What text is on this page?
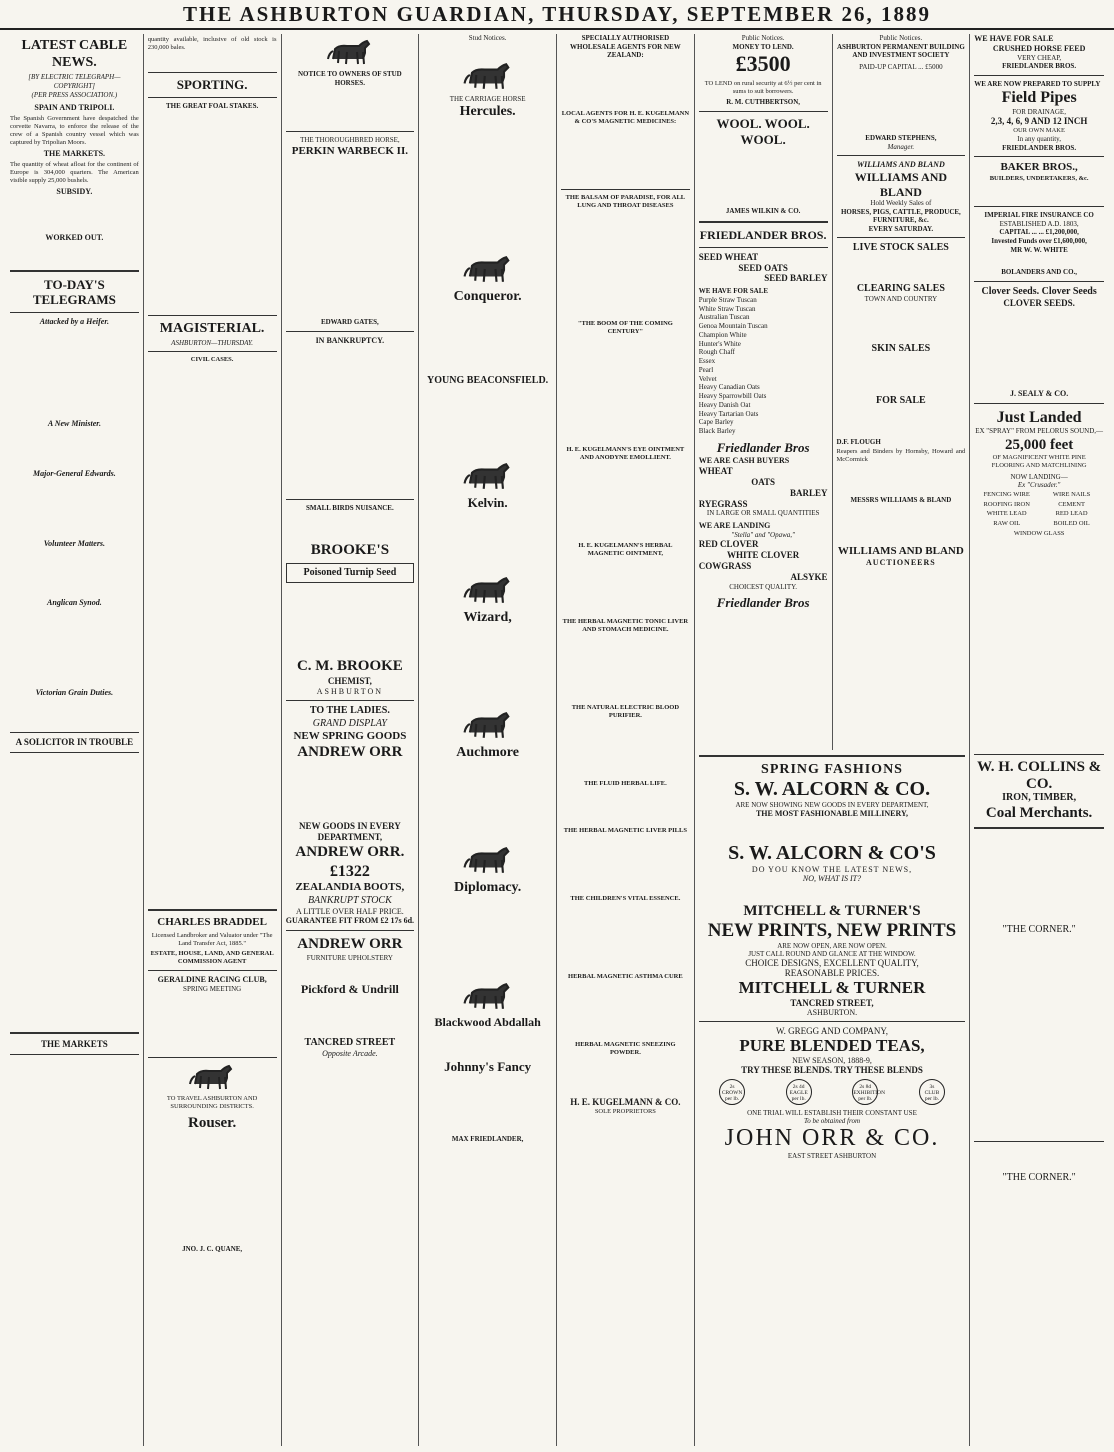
THE ASHBURTON GUARDIAN, THURSDAY, SEPTEMBER 26, 1889
LATEST CABLE NEWS.
[BY ELECTRIC TELEGRAPH—COPYRIGHT]
(PER PRESS ASSOCIATION.)
SPAIN AND TRIPOLI.
The Spanish Government have despatched the corvette Navarra, to enforce the release of the crew of a Spanish country vessel which was captured by Tripolian Moors.
THE MARKETS.
The quantity of wheat afloat for the continent of Europe is 304,000 quarters. The American visible supply 25,000 bushels.
SUBSIDY.
WORKED OUT.
TO-DAY'S TELEGRAMS
Attacked by a Heifer.
A New Minister.
Major-General Edwards.
Volunteer Matters.
Anglican Synod.
Victorian Grain Duties.
A SOLICITOR IN TROUBLE
THE MARKETS
quantity available, inclusive of old stock is 230,000 bales.
SPORTING.
THE GREAT FOAL STAKES.
MAGISTERIAL.
ASHBURTON—THURSDAY.
CIVIL CASES.
CHARLES BRADDEL
Licensed Landbroker and Valuator under "The Land Transfer Act, 1885."
ESTATE, HOUSE, LAND, AND GENERAL COMMISSION AGENT
GERALDINE RACING CLUB,
SPRING MEETING
TO TRAVEL ASHBURTON AND SURROUNDING DISTRICTS.
Rouser.
JNO. J. C. QUANE,
NOTICE TO OWNERS OF STUD HORSES.
THE THOROUGHBRED HORSE,
PERKIN WARBECK II.
EDWARD GATES,
IN BANKRUPTCY.
SMALL BIRDS NUISANCE.
BROOKE'S
Poisoned Turnip Seed
C. M. BROOKE
CHEMIST,
ASHBURTON
TO THE LADIES.
GRAND DISPLAY
NEW SPRING GOODS
ANDREW ORR
NEW GOODS IN EVERY DEPARTMENT,
ANDREW ORR.
£1322
ZEALANDIA BOOTS,
BANKRUPT STOCK
A LITTLE OVER HALF PRICE.
GUARANTEE FIT FROM £2 17s 6d.
ANDREW ORR
FURNITURE UPHOLSTERY
Pickford & Undrill
TANCRED STREET
Opposite Arcade.
Stud Notices.
THE CARRIAGE HORSE
Hercules.
Conqueror.
YOUNG BEACONSFIELD.
Kelvin.
Wizard,
Auchmore
Diplomacy.
Blackwood Abdallah
Johnny's Fancy
MAX FRIEDLANDER,
SPECIALLY AUTHORISED WHOLESALE AGENTS FOR NEW ZEALAND:
LOCAL AGENTS FOR H. E. KUGELMANN & CO'S MAGNETIC MEDICINES:
THE BALSAM OF PARADISE, FOR ALL LUNG AND THROAT DISEASES
"THE BOOM OF THE COMING CENTURY"
H. E. KUGELMANN'S EYE OINTMENT AND ANODYNE EMOLLIENT.
H. E. KUGELMANN'S HERBAL MAGNETIC OINTMENT,
THE HERBAL MAGNETIC TONIC LIVER AND STOMACH MEDICINE.
THE NATURAL ELECTRIC BLOOD PURIFIER.
THE FLUID HERBAL LIFE.
THE HERBAL MAGNETIC LIVER PILLS
THE CHILDREN'S VITAL ESSENCE.
HERBAL MAGNETIC ASTHMA CURE
HERBAL MAGNETIC SNEEZING POWDER.
H. E. KUGELMANN & CO.
SOLE PROPRIETORS
Public Notices.
MONEY TO LEND.
£3500
TO LEND on rural security at 6½ per cent in sums to suit borrowers.
R. M. CUTHBERTSON,
WOOL. WOOL. WOOL.
JAMES WILKIN & CO.
FRIEDLANDER BROS.
SEED WHEAT
SEED OATS
SEED BARLEY
WE HAVE FOR SALE
Purple Straw Tuscan
White Straw Tuscan
Australian Tuscan
Genoa Mountain Tuscan
Champion White
Hunter's White
Rough Chaff
Essex
Pearl
Velvet
Heavy Canadian Oats
Heavy Sparrowbill Oats
Heavy Danish Oat
Heavy Tartarian Oats
Cape Barley
Black Barley
Friedlander Bros
WE ARE CASH BUYERS
WHEAT
OATS
BARLEY
RYEGRASS
IN LARGE OR SMALL QUANTITIES
WE ARE LANDING
"Stella" and "Opawa,"
RED CLOVER
WHITE CLOVER
COWGRASS
ALSYKE
CHOICEST QUALITY.
Friedlander Bros
Public Notices.
ASHBURTON PERMANENT BUILDING AND INVESTMENT SOCIETY
PAID-UP CAPITAL ... £5000
EDWARD STEPHENS,
Manager.
WILLIAMS AND BLAND
WILLIAMS AND BLAND
Hold Weekly Sales of
HORSES, PIGS, CATTLE, PRODUCE, FURNITURE, &c.
EVERY SATURDAY.
LIVE STOCK SALES
CLEARING SALES
TOWN AND COUNTRY
SKIN SALES
FOR SALE
D.F. FLOUGH
Reapers and Binders by Hornsby, Howard and McCormick
MESSRS WILLIAMS & BLAND
WILLIAMS AND BLAND
AUCTIONEERS
WE HAVE FOR SALE
CRUSHED HORSE FEED
VERY CHEAP,
FRIEDLANDER BROS.
WE ARE NOW PREPARED TO SUPPLY
Field Pipes
FOR DRAINAGE,
2,3, 4, 6, 9 AND 12 INCH
OUR OWN MAKE
In any quantity,
FRIEDLANDER BROS.
BAKER BROS.,
BUILDERS, UNDERTAKERS, &c.
IMPERIAL FIRE INSURANCE CO
ESTABLISHED A.D. 1803,
CAPITAL ... ... £1,200,000,
Invested Funds over £1,600,000,
MR W. W. WHITE
BOLANDERS AND CO.,
Clover Seeds. Clover Seeds
CLOVER SEEDS.
J. SEALY & CO.
Just Landed
EX "SPRAY" FROM PELORUS SOUND,—
25,000 feet
OF MAGNIFICENT WHITE PINE
FLOORING AND MATCHLINING
NOW LANDING—
Ex "Crusader."
FENCING WIRE	WIRE NAILS
ROOFING IRON	CEMENT
WHITE LEAD	RED LEAD
RAW OIL	BOILED OIL
WINDOW GLASS
SPRING FASHIONS
S. W. ALCORN & CO.
ARE NOW SHOWING NEW GOODS IN EVERY DEPARTMENT,
THE MOST FASHIONABLE MILLINERY,
S. W. ALCORN & CO'S
DO YOU KNOW THE LATEST NEWS,
NO, WHAT IS IT?
MITCHELL & TURNER'S
NEW PRINTS, NEW PRINTS
ARE NOW OPEN, ARE NOW OPEN.
JUST CALL ROUND AND GLANCE AT THE WINDOW.
CHOICE DESIGNS, EXCELLENT QUALITY,
REASONABLE PRICES.
MITCHELL & TURNER
TANCRED STREET,
ASHBURTON.
W. GREGG AND COMPANY,
PURE BLENDED TEAS,
NEW SEASON, 1888-9,
TRY THESE BLENDS. TRY THESE BLENDS
2s
CROWN
per lb.
2s 4d
EAGLE
per lb.
2s 8d
EXHIBITION
per lb.
3s
CLUB
per lb.
ONE TRIAL WILL ESTABLISH THEIR CONSTANT USE
To be obtained from
JOHN ORR & CO.
EAST STREET ASHBURTON
W. H. COLLINS & CO.
IRON, TIMBER,
Coal Merchants.
"THE CORNER."
"THE CORNER."
